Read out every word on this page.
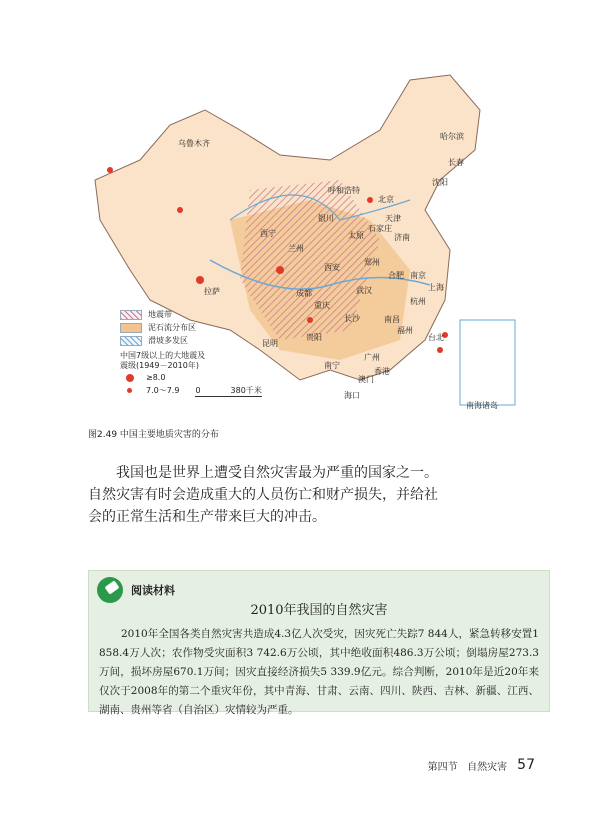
乌鲁木齐
哈尔滨
长春
沈阳
呼和浩特
北京
天津
银川
西宁	太原
石家庄
济南
兰州
西安
郑州
合肥 南京
上海
拉萨	成都	武汉
杭州
重庆
长沙	南昌
福州
台北
贵阳
昆明
广州
南宁
香港
澳门
海口
南海诸岛
地震带
泥石流分布区
滑坡多发区
中国7级以上的大地震及震级(1949－2010年)
≥8.0
7.0～7.9 0	380千米
图2.49 中国主要地质灾害的分布
我国也是世界上遭受自然灾害最为严重的国家之一。自然灾害有时会造成重大的人员伤亡和财产损失，并给社会的正常生活和生产带来巨大的冲击。
阅读材料
2010年我国的自然灾害
2010年全国各类自然灾害共造成4.3亿人次受灾，因灾死亡失踪7 844人，紧急转移安置1 858.4万人次；农作物受灾面积3 742.6万公顷，其中绝收面积486.3万公顷；倒塌房屋273.3万间，损坏房屋670.1万间；因灾直接经济损失5 339.9亿元。综合判断，2010年是近20年来仅次于2008年的第二个重灾年份，其中青海、甘肃、云南、四川、陕西、吉林、新疆、江西、湖南、贵州等省（自治区）灾情较为严重。
第四节   自然灾害 57
